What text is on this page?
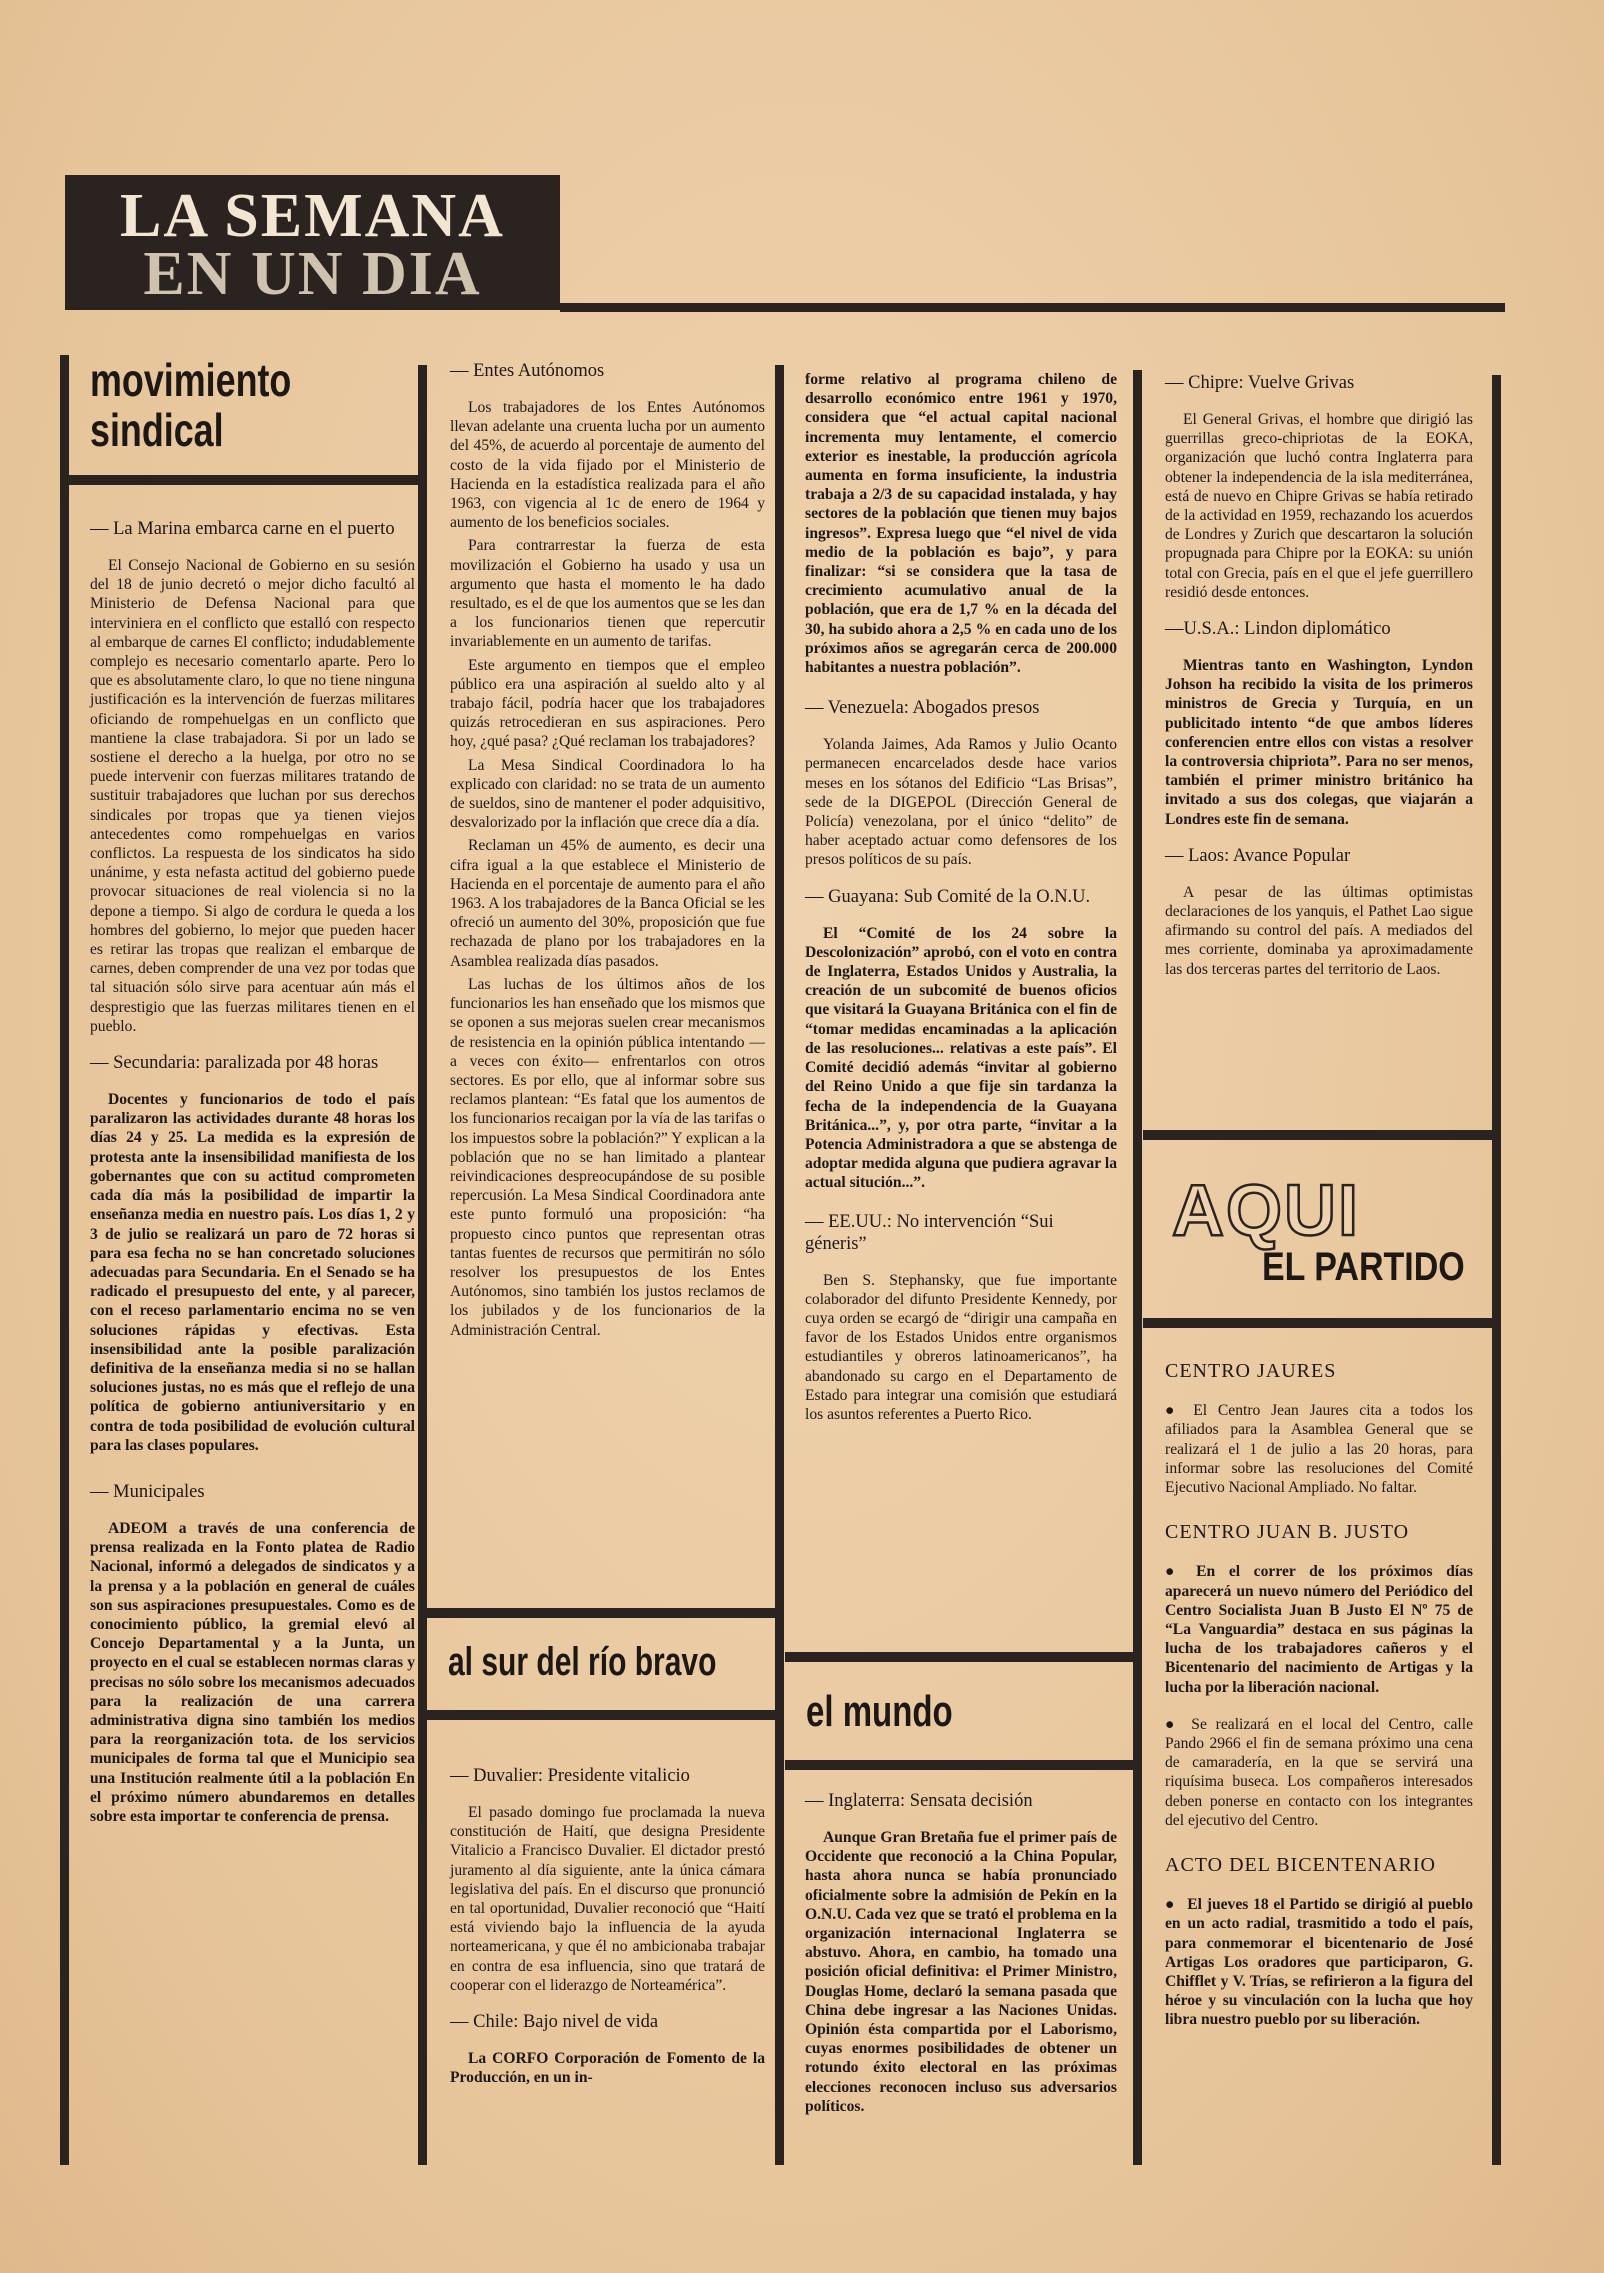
LA SEMANA
EN UN DIA
movimiento sindical
— La Marina embarca carne en el puerto

El Consejo Nacional de Gobierno en su sesión del 18 de junio decretó o mejor dicho facultó al Ministerio de Defensa Nacional para que interviniera en el conflicto que estalló con respecto al embarque de carnes El conflicto; indudablemente complejo es necesario comentarlo aparte. Pero lo que es absolutamente claro, lo que no tiene ninguna justificación es la intervención de fuerzas militares oficiando de rompehuelgas en un conflicto que mantiene la clase trabajadora. Si por un lado se sostiene el derecho a la huelga, por otro no se puede intervenir con fuerzas militares tratando de sustituir trabajadores que luchan por sus derechos sindicales por tropas que ya tienen viejos antecedentes como rompehuelgas en varios conflictos. La respuesta de los sindicatos ha sido unánime, y esta nefasta actitud del gobierno puede provocar situaciones de real violencia si no la depone a tiempo. Si algo de cordura le queda a los hombres del gobierno, lo mejor que pueden hacer es retirar las tropas que realizan el embarque de carnes, deben comprender de una vez por todas que tal situación sólo sirve para acentuar aún más el desprestigio que las fuerzas militares tienen en el pueblo.

— Secundaria: paralizada por 48 horas

Docentes y funcionarios de todo el país paralizaron las actividades durante 48 horas los días 24 y 25. La medida es la expresión de protesta ante la insensibilidad manifiesta de los gobernantes que con su actitud comprometen cada día más la posibilidad de impartir la enseñanza media en nuestro país. Los días 1, 2 y 3 de julio se realizará un paro de 72 horas si para esa fecha no se han concretado soluciones adecuadas para Secundaria. En el Senado se ha radicado el presupuesto del ente, y al parecer, con el receso parlamentario encima no se ven soluciones rápidas y efectivas. Esta insensibilidad ante la posible paralización definitiva de la enseñanza media si no se hallan soluciones justas, no es más que el reflejo de una política de gobierno antiuniversitario y en contra de toda posibilidad de evolución cultural para las clases populares.

— Municipales

ADEOM a través de una conferencia de prensa realizada en la Fonto platea de Radio Nacional, informó a delegados de sindicatos y a la prensa y a la población en general de cuáles son sus aspiraciones presupuestales. Como es de conocimiento público, la gremial elevó al Concejo Departamental y a la Junta, un proyecto en el cual se establecen normas claras y precisas no sólo sobre los mecanismos adecuados para la realización de una carrera administrativa digna sino también los medios para la reorganización tota. de los servicios municipales de forma tal que el Municipio sea una Institución realmente útil a la población En el próximo número abundaremos en detalles sobre esta importar te conferencia de prensa.

— Entes Autónomos

Los trabajadores de los Entes Autónomos llevan adelante una cruenta lucha por un aumento del 45%, de acuerdo al porcentaje de aumento del costo de la vida fijado por el Ministerio de Hacienda en la estadística realizada para el año 1963, con vigencia al 1c de enero de 1964 y aumento de los beneficios sociales.

Para contrarrestar la fuerza de esta movilización el Gobierno ha usado y usa un argumento que hasta el momento le ha dado resultado, es el de que los aumentos que se les dan a los funcionarios tienen que repercutir invariablemente en un aumento de tarifas.

Este argumento en tiempos que el empleo público era una aspiración al sueldo alto y al trabajo fácil, podría hacer que los trabajadores quizás retrocedieran en sus aspiraciones. Pero hoy, ¿qué pasa? ¿Qué reclaman los trabajadores?

La Mesa Sindical Coordinadora lo ha explicado con claridad: no se trata de un aumento de sueldos, sino de mantener el poder adquisitivo, desvalorizado por la inflación que crece día a día.

Reclaman un 45% de aumento, es decir una cifra igual a la que establece el Ministerio de Hacienda en el porcentaje de aumento para el año 1963. A los trabajadores de la Banca Oficial se les ofreció un aumento del 30%, proposición que fue rechazada de plano por los trabajadores en la Asamblea realizada días pasados.

Las luchas de los últimos años de los funcionarios les han enseñado que los mismos que se oponen a sus mejoras suelen crear mecanismos de resistencia en la opinión pública intentando —a veces con éxito— enfrentarlos con otros sectores. Es por ello, que al informar sobre sus reclamos plantean: “Es fatal que los aumentos de los funcionarios recaigan por la vía de las tarifas o los impuestos sobre la población?” Y explican a la población que no se han limitado a plantear reivindicaciones despreocupándose de su posible repercusión. La Mesa Sindical Coordinadora ante este punto formuló una proposición: “ha propuesto cinco puntos que representan otras tantas fuentes de recursos que permitirán no sólo resolver los presupuestos de los Entes Autónomos, sino también los justos reclamos de los jubilados y de los funcionarios de la Administración Central.

al sur del río bravo
— Duvalier: Presidente vitalicio

El pasado domingo fue proclamada la nueva constitución de Haití, que designa Presidente Vitalicio a Francisco Duvalier. El dictador prestó juramento al día siguiente, ante la única cámara legislativa del país. En el discurso que pronunció en tal oportunidad, Duvalier reconoció que “Haití está viviendo bajo la influencia de la ayuda norteamericana, y que él no ambicionaba trabajar en contra de esa influencia, sino que tratará de cooperar con el liderazgo de Norteamérica”.

— Chile: Bajo nivel de vida

La CORFO Corporación de Fomento de la Producción, en un in-

forme relativo al programa chileno de desarrollo económico entre 1961 y 1970, considera que “el actual capital nacional incrementa muy lentamente, el comercio exterior es inestable, la producción agrícola aumenta en forma insuficiente, la industria trabaja a 2/3 de su capacidad instalada, y hay sectores de la población que tienen muy bajos ingresos”. Expresa luego que “el nivel de vida medio de la población es bajo”, y para finalizar: “si se considera que la tasa de crecimiento acumulativo anual de la población, que era de 1,7 % en la década del 30, ha subido ahora a 2,5 % en cada uno de los próximos años se agregarán cerca de 200.000 habitantes a nuestra población”.

— Venezuela: Abogados presos

Yolanda Jaimes, Ada Ramos y Julio Ocanto permanecen encarcelados desde hace varios meses en los sótanos del Edificio “Las Brisas”, sede de la DIGEPOL (Dirección General de Policía) venezolana, por el único “delito” de haber aceptado actuar como defensores de los presos políticos de su país.

— Guayana: Sub Comité de la O.N.U.

El “Comité de los 24 sobre la Descolonización” aprobó, con el voto en contra de Inglaterra, Estados Unidos y Australia, la creación de un subcomité de buenos oficios que visitará la Guayana Británica con el fin de “tomar medidas encaminadas a la aplicación de las resoluciones... relativas a este país”. El Comité decidió además “invitar al gobierno del Reino Unido a que fije sin tardanza la fecha de la independencia de la Guayana Británica...”, y, por otra parte, “invitar a la Potencia Administradora a que se abstenga de adoptar medida alguna que pudiera agravar la actual situción...”.

— EE.UU.: No intervención “Sui géneris”

Ben S. Stephansky, que fue importante colaborador del difunto Presidente Kennedy, por cuya orden se ecargó de “dirigir una campaña en favor de los Estados Unidos entre organismos estudiantiles y obreros latinoamericanos”, ha abandonado su cargo en el Departamento de Estado para integrar una comisión que estudiará los asuntos referentes a Puerto Rico.

el mundo
— Inglaterra: Sensata decisión

Aunque Gran Bretaña fue el primer país de Occidente que reconoció a la China Popular, hasta ahora nunca se había pronunciado oficialmente sobre la admisión de Pekín en la O.N.U. Cada vez que se trató el problema en la organización internacional Inglaterra se abstuvo. Ahora, en cambio, ha tomado una posición oficial definitiva: el Primer Ministro, Douglas Home, declaró la semana pasada que China debe ingresar a las Naciones Unidas. Opinión ésta compartida por el Laborismo, cuyas enormes posibilidades de obtener un rotundo éxito electoral en las próximas elecciones reconocen incluso sus adversarios políticos.

— Chipre: Vuelve Grivas

El General Grivas, el hombre que dirigió las guerrillas greco-chipriotas de la EOKA, organización que luchó contra Inglaterra para obtener la independencia de la isla mediterránea, está de nuevo en Chipre Grivas se había retirado de la actividad en 1959, rechazando los acuerdos de Londres y Zurich que descartaron la solución propugnada para Chipre por la EOKA: su unión total con Grecia, país en el que el jefe guerrillero residió desde entonces.

—U.S.A.: Lindon diplomático

Mientras tanto en Washington, Lyndon Johson ha recibido la visita de los primeros ministros de Grecia y Turquía, en un publicitado intento “de que ambos líderes conferencien entre ellos con vistas a resolver la controversia chipriota”. Para no ser menos, también el primer ministro británico ha invitado a sus dos colegas, que viajarán a Londres este fin de semana.

— Laos: Avance Popular

A pesar de las últimas optimistas declaraciones de los yanquis, el Pathet Lao sigue afirmando su control del país. A mediados del mes corriente, dominaba ya aproximadamente las dos terceras partes del territorio de Laos.

AQUI
EL PARTIDO
CENTRO JAURES

● El Centro Jean Jaures cita a todos los afiliados para la Asamblea General que se realizará el 1 de julio a las 20 horas, para informar sobre las resoluciones del Comité Ejecutivo Nacional Ampliado. No faltar.

CENTRO JUAN B. JUSTO

● En el correr de los próximos días aparecerá un nuevo número del Periódico del Centro Socialista Juan B Justo El Nº 75 de “La Vanguardia” destaca en sus páginas la lucha de los trabajadores cañeros y el Bicentenario del nacimiento de Artigas y la lucha por la liberación nacional.

● Se realizará en el local del Centro, calle Pando 2966 el fin de semana próximo una cena de camaradería, en la que se servirá una riquísima buseca. Los compañeros interesados deben ponerse en contacto con los integrantes del ejecutivo del Centro.

ACTO DEL BICENTENARIO

● El jueves 18 el Partido se dirigió al pueblo en un acto radial, trasmitido a todo el país, para conmemorar el bicentenario de José Artigas Los oradores que participaron, G. Chifflet y V. Trías, se refirieron a la figura del héroe y su vinculación con la lucha que hoy libra nuestro pueblo por su liberación.
